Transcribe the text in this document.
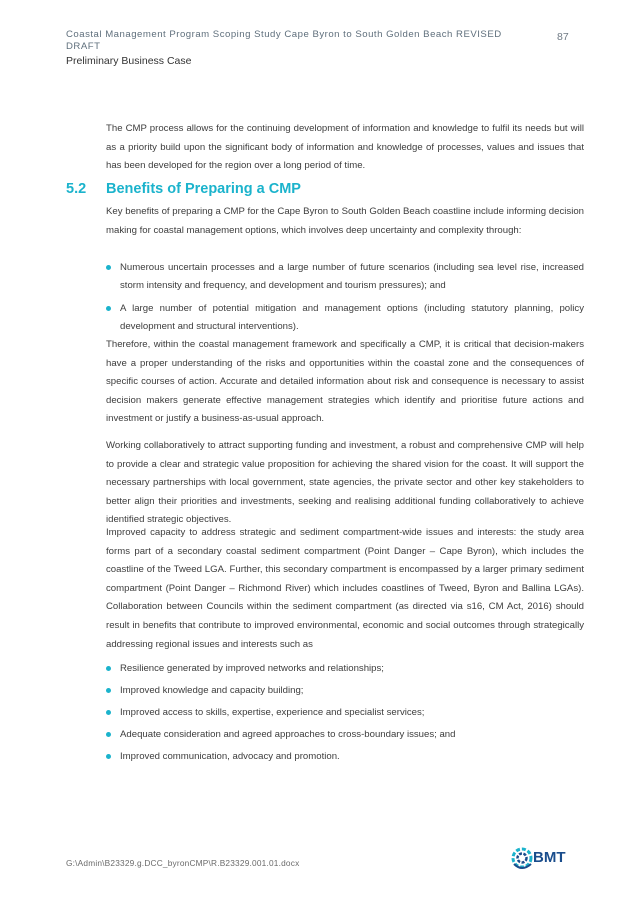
Coastal Management Program Scoping Study Cape Byron to South Golden Beach REVISED DRAFT
87
Preliminary Business Case

The CMP process allows for the continuing development of information and knowledge to fulfil its needs but will as a priority build upon the significant body of information and knowledge of processes, values and issues that has been developed for the region over a long period of time.

5.2 Benefits of Preparing a CMP

Key benefits of preparing a CMP for the Cape Byron to South Golden Beach coastline include informing decision making for coastal management options, which involves deep uncertainty and complexity through:

Numerous uncertain processes and a large number of future scenarios (including sea level rise, increased storm intensity and frequency, and development and tourism pressures); and
A large number of potential mitigation and management options (including statutory planning, policy development and structural interventions).

Therefore, within the coastal management framework and specifically a CMP, it is critical that decision-makers have a proper understanding of the risks and opportunities within the coastal zone and the consequences of specific courses of action. Accurate and detailed information about risk and consequence is necessary to assist decision makers generate effective management strategies which identify and prioritise future actions and investment or justify a business-as-usual approach.

Working collaboratively to attract supporting funding and investment, a robust and comprehensive CMP will help to provide a clear and strategic value proposition for achieving the shared vision for the coast. It will support the necessary partnerships with local government, state agencies, the private sector and other key stakeholders to better align their priorities and investments, seeking and realising additional funding collaboratively to achieve identified strategic objectives.

Improved capacity to address strategic and sediment compartment-wide issues and interests: the study area forms part of a secondary coastal sediment compartment (Point Danger – Cape Byron), which includes the coastline of the Tweed LGA. Further, this secondary compartment is encompassed by a larger primary sediment compartment (Point Danger – Richmond River) which includes coastlines of Tweed, Byron and Ballina LGAs). Collaboration between Councils within the sediment compartment (as directed via s16, CM Act, 2016) should result in benefits that contribute to improved environmental, economic and social outcomes through strategically addressing regional issues and interests such as

Resilience generated by improved networks and relationships;
Improved knowledge and capacity building;
Improved access to skills, expertise, experience and specialist services;
Adequate consideration and agreed approaches to cross-boundary issues; and
Improved communication, advocacy and promotion.
G:\Admin\B23329.g.DCC_byronCMP\R.B23329.001.01.docx	BMT
